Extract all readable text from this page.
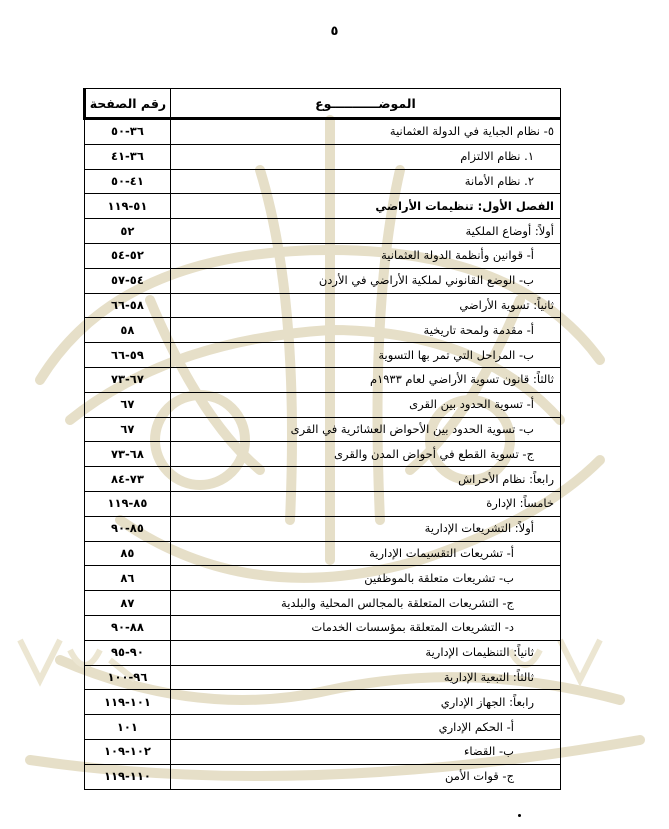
٥
الموضـــــــــــوع	رقم الصفحة
٥- نظام الجباية في الدولة العثمانية	٣٦-٥٠
١. نظام الالتزام	٣٦-٤١
٢. نظام الأمانة	٤١-٥٠
الفصل الأول: تنظيمات الأراضي	٥١-١١٩
أولاً: أوضاع الملكية	٥٢
أ- قوانين وأنظمة الدولة العثمانية	٥٢-٥٤
ب- الوضع القانوني لملكية الأراضي في الأردن	٥٤-٥٧
ثانياً: تسوية الأراضي	٥٨-٦٦
أ- مقدمة ولمحة تاريخية	٥٨
ب- المراحل التي تمر بها التسوية	٥٩-٦٦
ثالثاً: قانون تسوية الأراضي لعام ١٩٣٣م	٦٧-٧٣
أ- تسوية الحدود بين القرى	٦٧
ب- تسوية الحدود بين الأحواض العشائرية في القرى	٦٧
ج- تسوية القطع في أحواض المدن والقرى	٦٨-٧٣
رابعاً: نظام الأحراش	٧٣-٨٤
خامساً: الإدارة	٨٥-١١٩
أولاً: التشريعات الإدارية	٨٥-٩٠
أ- تشريعات التقسيمات الإدارية	٨٥
ب- تشريعات متعلقة بالموظفين	٨٦
ج- التشريعات المتعلقة بالمجالس المحلية والبلدية	٨٧
د- التشريعات المتعلقة بمؤسسات الخدمات	٨٨-٩٠
ثانياً: التنظيمات الإدارية	٩٠-٩٥
ثالثاً: التبعية الإدارية	٩٦-١٠٠
رابعاً: الجهاز الإداري	١٠١-١١٩
أ- الحكم الإداري	١٠١
ب- القضاء	١٠٢-١٠٩
ج- قوات الأمن	١١٠-١١٩
